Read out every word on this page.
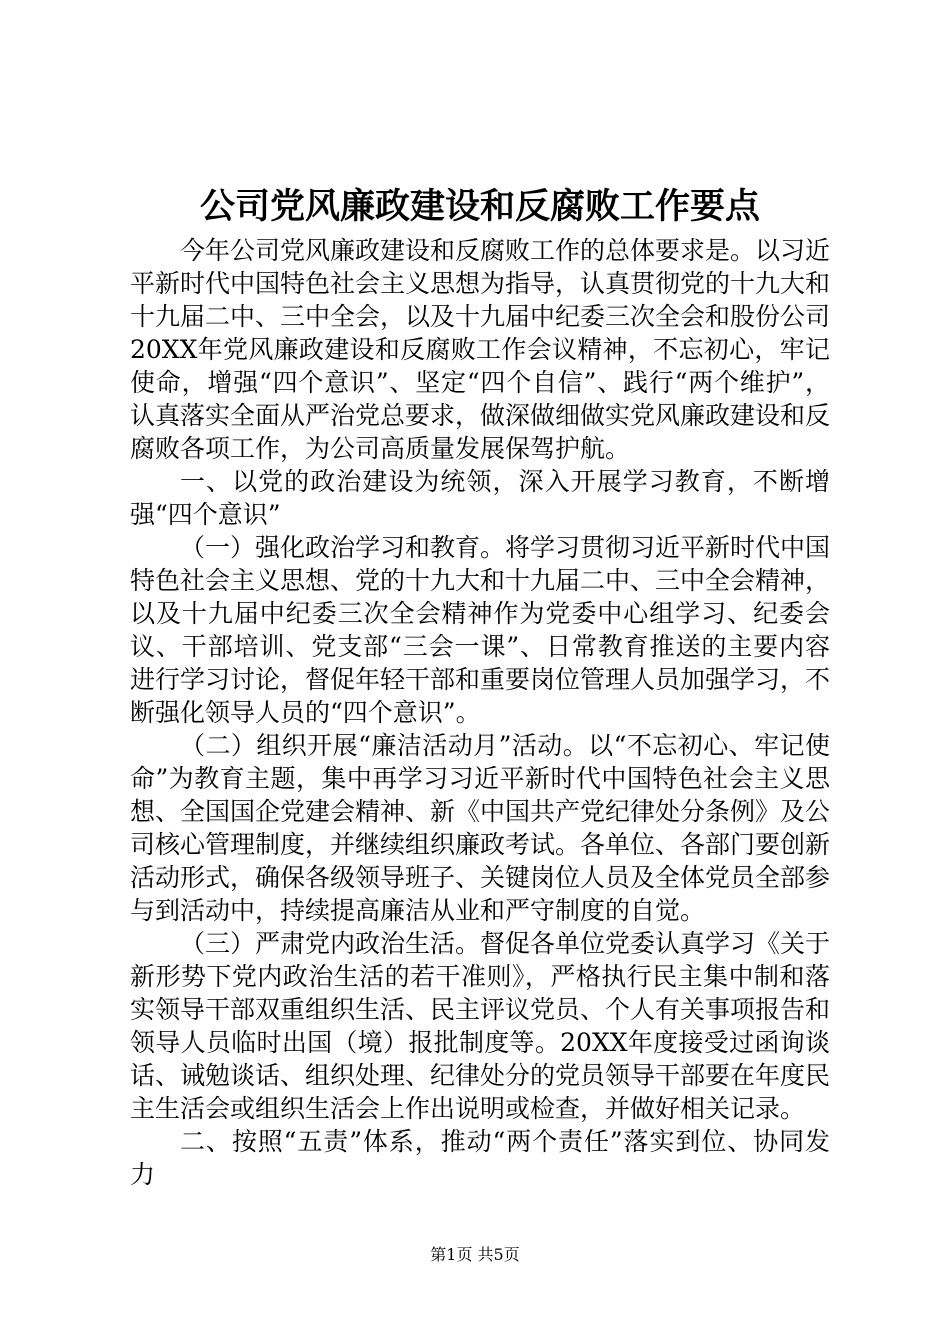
公司党风廉政建设和反腐败工作要点

今年公司党风廉政建设和反腐败工作的总体要求是。以习近平新时代中国特色社会主义思想为指导，认真贯彻党的十九大和十九届二中、三中全会，以及十九届中纪委三次全会和股份公司20XX年党风廉政建设和反腐败工作会议精神，不忘初心，牢记使命，增强“四个意识”、坚定“四个自信”、践行“两个维护”，认真落实全面从严治党总要求，做深做细做实党风廉政建设和反腐败各项工作，为公司高质量发展保驾护航。

一、以党的政治建设为统领，深入开展学习教育，不断增强“四个意识”

（一）强化政治学习和教育。将学习贯彻习近平新时代中国特色社会主义思想、党的十九大和十九届二中、三中全会精神，以及十九届中纪委三次全会精神作为党委中心组学习、纪委会议、干部培训、党支部“三会一课”、日常教育推送的主要内容进行学习讨论，督促年轻干部和重要岗位管理人员加强学习，不断强化领导人员的“四个意识”。

（二）组织开展“廉洁活动月”活动。以“不忘初心、牢记使命”为教育主题，集中再学习习近平新时代中国特色社会主义思想、全国国企党建会精神、新《中国共产党纪律处分条例》及公司核心管理制度，并继续组织廉政考试。各单位、各部门要创新活动形式，确保各级领导班子、关键岗位人员及全体党员全部参与到活动中，持续提高廉洁从业和严守制度的自觉。

（三）严肃党内政治生活。督促各单位党委认真学习《关于新形势下党内政治生活的若干准则》，严格执行民主集中制和落实领导干部双重组织生活、民主评议党员、个人有关事项报告和领导人员临时出国（境）报批制度等。20XX年度接受过函询谈话、诫勉谈话、组织处理、纪律处分的党员领导干部要在年度民主生活会或组织生活会上作出说明或检查，并做好相关记录。

二、按照“五责”体系，推动“两个责任”落实到位、协同发力

第1页 共5页
